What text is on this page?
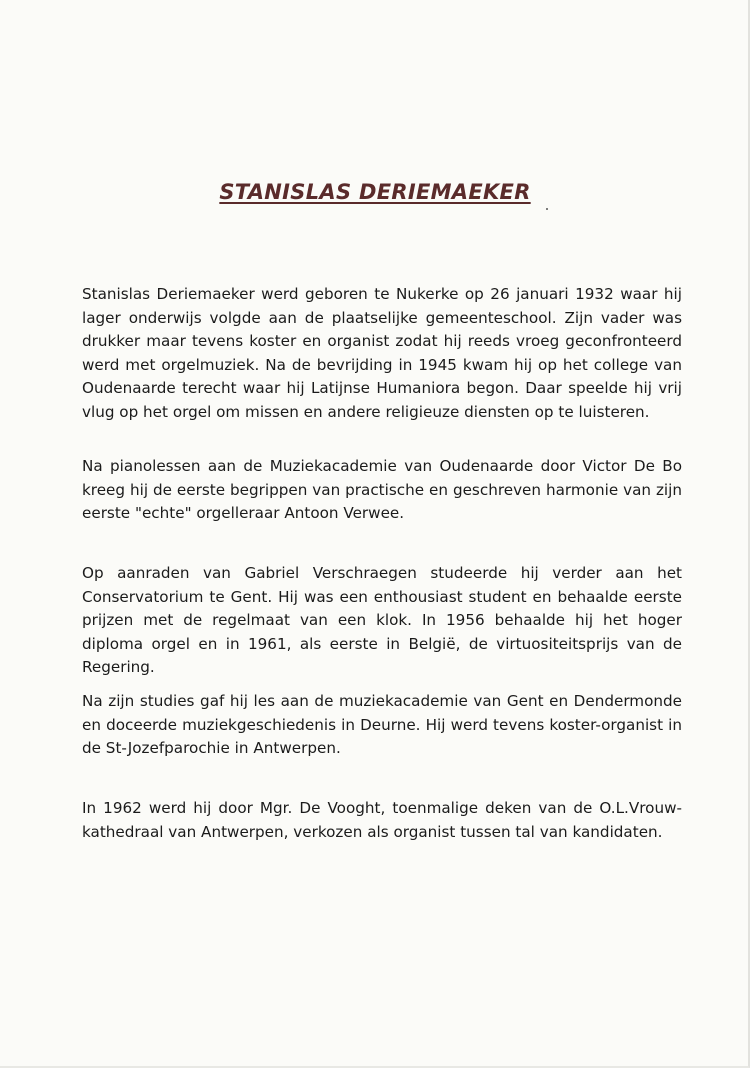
STANISLAS DERIEMAEKER

Stanislas Deriemaeker werd geboren te Nukerke op 26 januari 1932 waar hij lager onderwijs volgde aan de plaatselijke gemeenteschool. Zijn vader was drukker maar tevens koster en organist zodat hij reeds vroeg geconfronteerd werd met orgelmuziek. Na de bevrijding in 1945 kwam hij op het college van Oudenaarde terecht waar hij Latijnse Humaniora begon. Daar speelde hij vrij vlug op het orgel om missen en andere religieuze diensten op te luisteren.

Na pianolessen aan de Muziekacademie van Oudenaarde door Victor De Bo kreeg hij de eerste begrippen van practische en geschreven harmonie van zijn eerste "echte" orgelleraar Antoon Verwee.

Op aanraden van Gabriel Verschraegen studeerde hij verder aan het Conservatorium te Gent. Hij was een enthousiast student en behaalde eerste prijzen met de regelmaat van een klok. In 1956 behaalde hij het hoger diploma orgel en in 1961, als eerste in België, de virtuositeitsprijs van de Regering.

Na zijn studies gaf hij les aan de muziekacademie van Gent en Dendermonde en doceerde muziekgeschiedenis in Deurne. Hij werd tevens koster-organist in de St-Jozefparochie in Antwerpen.

In 1962 werd hij door Mgr. De Vooght, toenmalige deken van de O.L.Vrouw-kathedraal van Antwerpen, verkozen als organist tussen tal van kandidaten.
